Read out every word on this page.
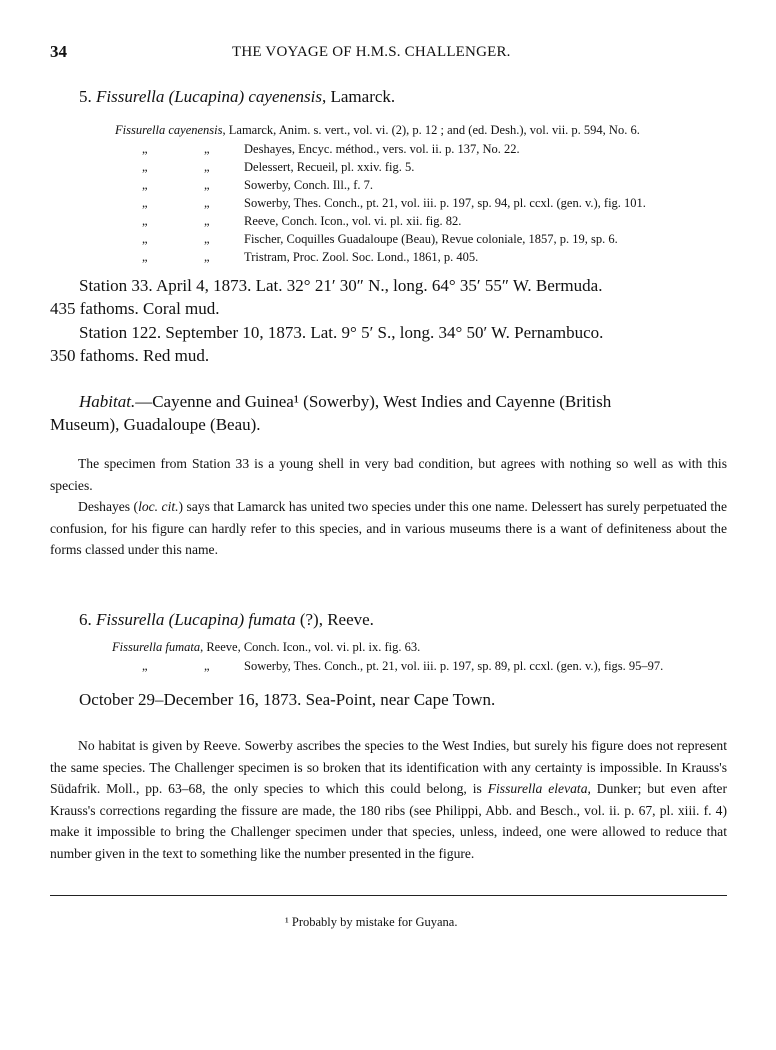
34	THE VOYAGE OF H.M.S. CHALLENGER.
5. Fissurella (Lucapina) cayenensis, Lamarck.
Fissurella cayenensis, Lamarck, Anim. s. vert., vol. vi. (2), p. 12 ; and (ed. Desh.), vol. vii. p. 594, No. 6.
„	„	Deshayes, Encyc. méthod., vers. vol. ii. p. 137, No. 22.
„	„	Delessert, Recueil, pl. xxiv. fig. 5.
„	„	Sowerby, Conch. Ill., f. 7.
„	„	Sowerby, Thes. Conch., pt. 21, vol. iii. p. 197, sp. 94, pl. ccxl. (gen. v.), fig. 101.
„	„	Reeve, Conch. Icon., vol. vi. pl. xii. fig. 82.
„	„	Fischer, Coquilles Guadaloupe (Beau), Revue coloniale, 1857, p. 19, sp. 6.
„	„	Tristram, Proc. Zool. Soc. Lond., 1861, p. 405.
Station 33. April 4, 1873. Lat. 32° 21′ 30″ N., long. 64° 35′ 55″ W. Bermuda.
435 fathoms. Coral mud.
Station 122. September 10, 1873. Lat. 9° 5′ S., long. 34° 50′ W. Pernambuco.
350 fathoms. Red mud.
Habitat.—Cayenne and Guinea¹ (Sowerby), West Indies and Cayenne (British
Museum), Guadaloupe (Beau).

The specimen from Station 33 is a young shell in very bad condition, but agrees with nothing so well as with this species.

Deshayes (loc. cit.) says that Lamarck has united two species under this one name. Delessert has surely perpetuated the confusion, for his figure can hardly refer to this species, and in various museums there is a want of definiteness about the forms classed under this name.

6. Fissurella (Lucapina) fumata (?), Reeve.
Fissurella fumata, Reeve, Conch. Icon., vol. vi. pl. ix. fig. 63.
„	„	Sowerby, Thes. Conch., pt. 21, vol. iii. p. 197, sp. 89, pl. ccxl. (gen. v.), figs. 95–97.
October 29–December 16, 1873. Sea-Point, near Cape Town.

No habitat is given by Reeve. Sowerby ascribes the species to the West Indies, but surely his figure does not represent the same species. The Challenger specimen is so broken that its identification with any certainty is impossible. In Krauss's Südafrik. Moll., pp. 63–68, the only species to which this could belong, is Fissurella elevata, Dunker; but even after Krauss's corrections regarding the fissure are made, the 180 ribs (see Philippi, Abb. and Besch., vol. ii. p. 67, pl. xiii. f. 4) make it impossible to bring the Challenger specimen under that species, unless, indeed, one were allowed to reduce that number given in the text to something like the number presented in the figure.

¹ Probably by mistake for Guyana.
